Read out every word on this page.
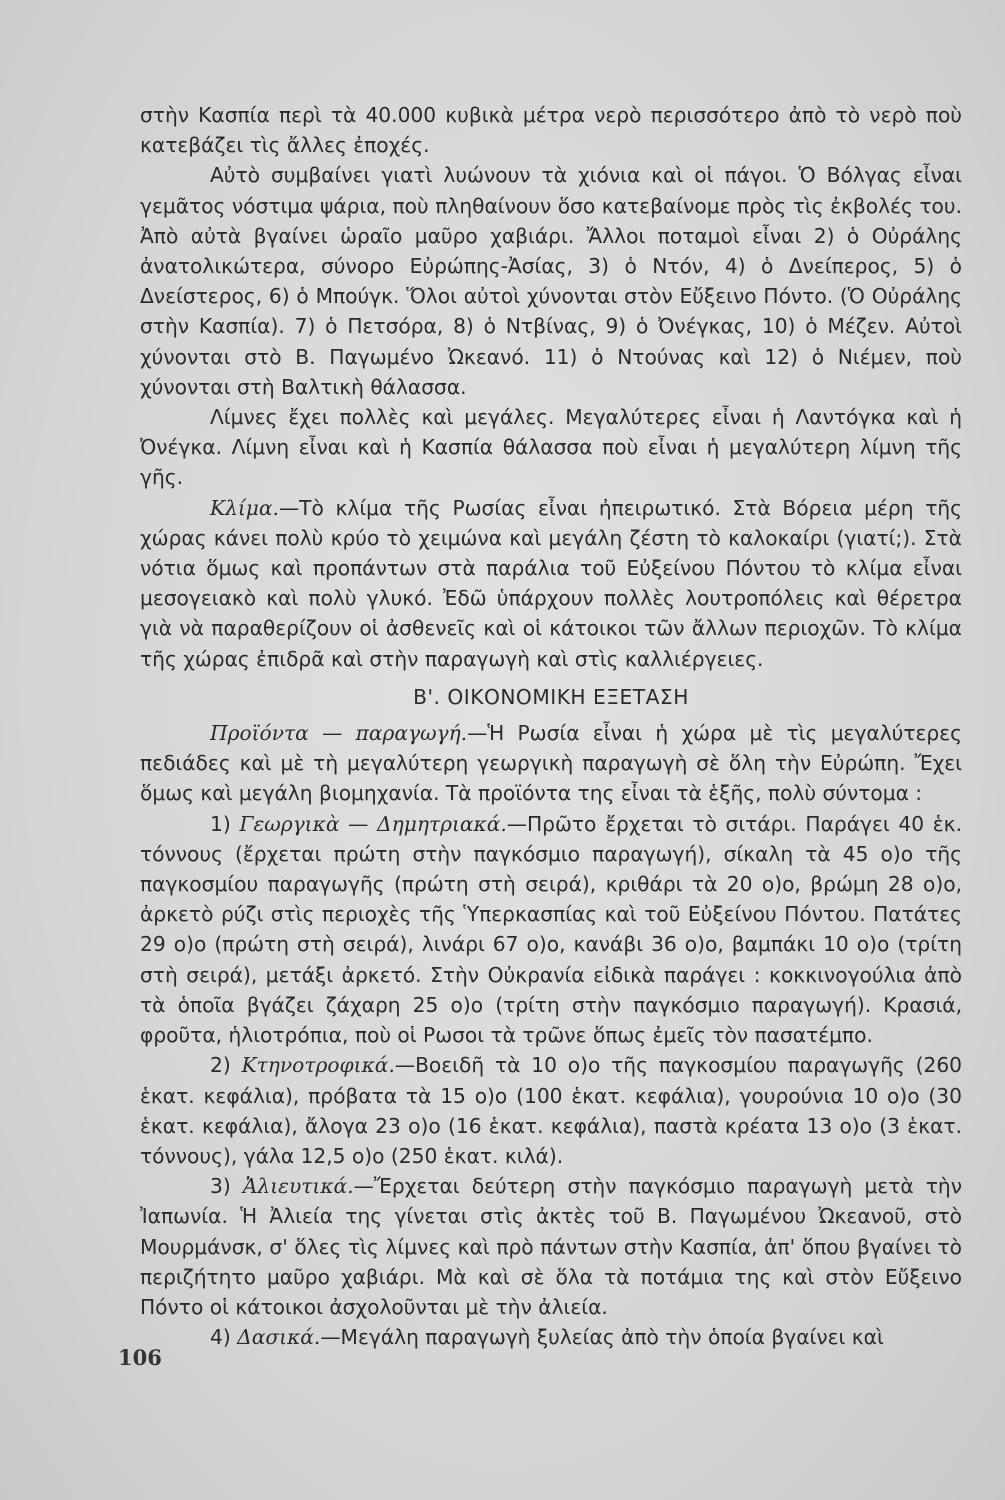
στὴν Κασπία περὶ τὰ 40.000 κυβικὰ μέτρα νερὸ περισσότερο ἀπὸ τὸ νερὸ ποὺ κατεβάζει τὶς ἄλλες ἐποχές.

Αὐτὸ συμβαίνει γιατὶ λυώνουν τὰ χιόνια καὶ οἱ πάγοι. Ὁ Βόλγας εἶναι γεμᾶτος νόστιμα ψάρια, ποὺ πληθαίνουν ὅσο κατεβαίνομε πρὸς τὶς ἐκβολές του. Ἀπὸ αὐτὰ βγαίνει ὡραῖο μαῦρο χαβιάρι. Ἄλλοι ποταμοὶ εἶναι 2) ὁ Οὐράλης ἀνατολικώτερα, σύνορο Εὐρώπης-Ἀσίας, 3) ὁ Ντόν, 4) ὁ Δνείπερος, 5) ὁ Δνείστερος, 6) ὁ Μπούγκ. Ὅλοι αὐτοὶ χύνονται στὸν Εὔξεινο Πόντο. (Ὁ Οὐράλης στὴν Κασπία). 7) ὁ Πετσόρα, 8) ὁ Ντβίνας, 9) ὁ Ὀνέγκας, 10) ὁ Μέζεν. Αὐτοὶ χύνονται στὸ Β. Παγωμένο Ὠκεανό. 11) ὁ Ντούνας καὶ 12) ὁ Νιέμεν, ποὺ χύνονται στὴ Βαλτικὴ θάλασσα.

Λίμνες ἔχει πολλὲς καὶ μεγάλες. Μεγαλύτερες εἶναι ἡ Λαντόγκα καὶ ἡ Ὀνέγκα. Λίμνη εἶναι καὶ ἡ Κασπία θάλασσα ποὺ εἶναι ἡ μεγαλύτερη λίμνη τῆς γῆς.

Κλίμα.—Τὸ κλίμα τῆς Ρωσίας εἶναι ἠπειρωτικό. Στὰ Βόρεια μέρη τῆς χώρας κάνει πολὺ κρύο τὸ χειμώνα καὶ μεγάλη ζέστη τὸ καλοκαίρι (γιατί;). Στὰ νότια ὅμως καὶ προπάντων στὰ παράλια τοῦ Εὐξείνου Πόντου τὸ κλίμα εἶναι μεσογειακὸ καὶ πολὺ γλυκό. Ἐδῶ ὑπάρχουν πολλὲς λουτροπόλεις καὶ θέρετρα γιὰ νὰ παραθερίζουν οἱ ἀσθενεῖς καὶ οἱ κάτοικοι τῶν ἄλλων περιοχῶν. Τὸ κλίμα τῆς χώρας ἐπιδρᾶ καὶ στὴν παραγωγὴ καὶ στὶς καλλιέργειες.

Β'. ΟΙΚΟΝΟΜΙΚΗ ΕΞΕΤΑΣΗ

Προϊόντα — παραγωγή.—Ἡ Ρωσία εἶναι ἡ χώρα μὲ τὶς μεγαλύτερες πεδιάδες καὶ μὲ τὴ μεγαλύτερη γεωργικὴ παραγωγὴ σὲ ὅλη τὴν Εὐρώπη. Ἔχει ὅμως καὶ μεγάλη βιομηχανία. Τὰ προϊόντα της εἶναι τὰ ἑξῆς, πολὺ σύντομα :

1) Γεωργικὰ — Δημητριακά.—Πρῶτο ἔρχεται τὸ σιτάρι. Παράγει 40 ἑκ. τόννους (ἔρχεται πρώτη στὴν παγκόσμιο παραγωγή), σίκαλη τὰ 45 ο)ο τῆς παγκοσμίου παραγωγῆς (πρώτη στὴ σειρά), κριθάρι τὰ 20 ο)ο, βρώμη 28 ο)ο, ἀρκετὸ ρύζι στὶς περιοχὲς τῆς Ὑπερκασπίας καὶ τοῦ Εὐξείνου Πόντου. Πατάτες 29 ο)ο (πρώτη στὴ σειρά), λινάρι 67 ο)ο, κανάβι 36 ο)ο, βαμπάκι 10 ο)ο (τρίτη στὴ σειρά), μετάξι ἀρκετό. Στὴν Οὐκρανία εἰδικὰ παράγει : κοκκινογούλια ἀπὸ τὰ ὁποῖα βγάζει ζάχαρη 25 ο)ο (τρίτη στὴν παγκόσμιο παραγωγή). Κρασιά, φροῦτα, ἡλιοτρόπια, ποὺ οἱ Ρωσοι τὰ τρῶνε ὅπως ἐμεῖς τὸν πασατέμπο.

2) Κτηνοτροφικά.—Βοειδῆ τὰ 10 ο)ο τῆς παγκοσμίου παραγωγῆς (260 ἑκατ. κεφάλια), πρόβατα τὰ 15 ο)ο (100 ἑκατ. κεφάλια), γουρούνια 10 ο)ο (30 ἑκατ. κεφάλια), ἄλογα 23 ο)ο (16 ἑκατ. κεφάλια), παστὰ κρέατα 13 ο)ο (3 ἑκατ. τόννους), γάλα 12,5 ο)ο (250 ἑκατ. κιλά).

3) Ἀλιευτικά.—Ἔρχεται δεύτερη στὴν παγκόσμιο παραγωγὴ μετὰ τὴν Ἰαπωνία. Ἡ Ἀλιεία της γίνεται στὶς ἀκτὲς τοῦ Β. Παγωμένου Ὠκεανοῦ, στὸ Μουρμάνσκ, σ' ὅλες τὶς λίμνες καὶ πρὸ πάντων στὴν Κασπία, ἀπ' ὅπου βγαίνει τὸ περιζήτητο μαῦρο χαβιάρι. Μὰ καὶ σὲ ὅλα τὰ ποτάμια της καὶ στὸν Εὔξεινο Πόντο οἱ κάτοικοι ἀσχολοῦνται μὲ τὴν ἀλιεία.

4) Δασικά.—Μεγάλη παραγωγὴ ξυλείας ἀπὸ τὴν ὁποία βγαίνει καὶ

106
